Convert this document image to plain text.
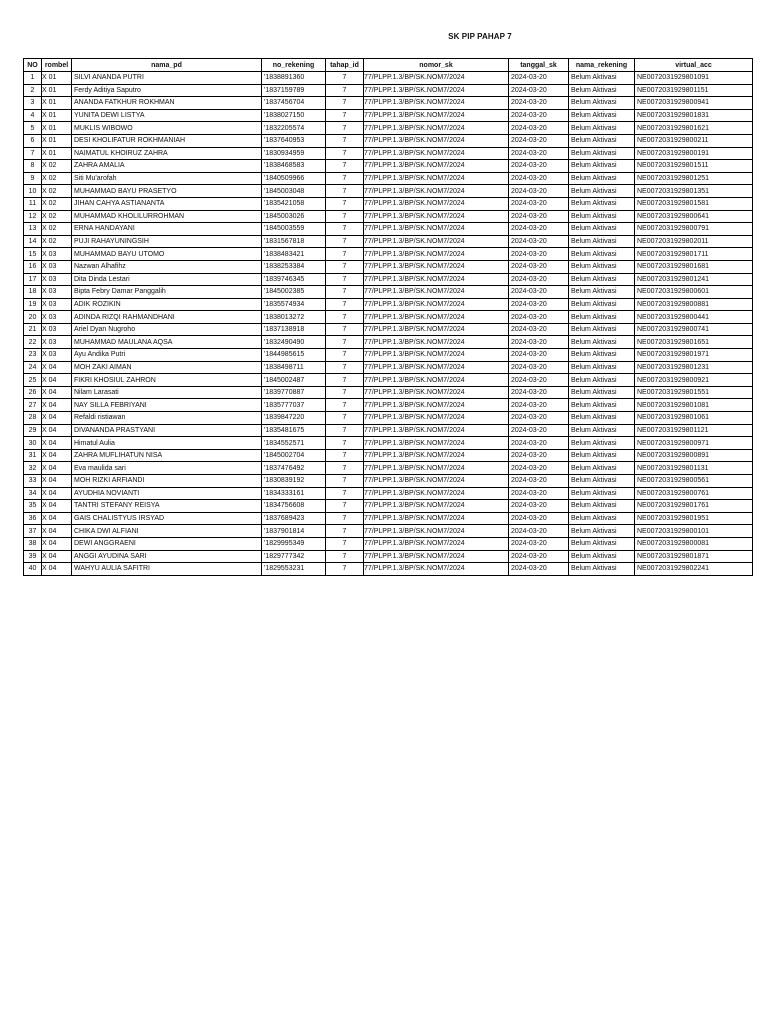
SK PIP PAHAP 7
NO	rombel	nama_pd	no_rekening	tahap_id	nomor_sk	tanggal_sk	nama_rekening	virtual_acc
1	X 01	SILVI ANANDA PUTRI	'1838891360	7	77/PLPP.1.3/BP/SK.NOM7/2024	2024-03-20	Belum Aktivasi	NE0072031929801091
2	X 01	Ferdy Aditiya Saputro	'1837159789	7	77/PLPP.1.3/BP/SK.NOM7/2024	2024-03-20	Belum Aktivasi	NE0072031929801151
3	X 01	ANANDA FATKHUR ROKHMAN	'1837456704	7	77/PLPP.1.3/BP/SK.NOM7/2024	2024-03-20	Belum Aktivasi	NE0072031929800941
4	X 01	YUNITA DEWI LISTYA	'1838027150	7	77/PLPP.1.3/BP/SK.NOM7/2024	2024-03-20	Belum Aktivasi	NE0072031929801831
5	X 01	MUKLIS WIBOWO	'1832205574	7	77/PLPP.1.3/BP/SK.NOM7/2024	2024-03-20	Belum Aktivasi	NE0072031929801621
6	X 01	DESI KHOLIFATUR ROKHMANIAH	'1837640953	7	77/PLPP.1.3/BP/SK.NOM7/2024	2024-03-20	Belum Aktivasi	NE0072031929800211
7	X 01	NAIMATUL KHOIRUZ ZAHRA	'1830934959	7	77/PLPP.1.3/BP/SK.NOM7/2024	2024-03-20	Belum Aktivasi	NE0072031929800191
8	X 02	ZAHRA AMALIA	'1838468583	7	77/PLPP.1.3/BP/SK.NOM7/2024	2024-03-20	Belum Aktivasi	NE0072031929801511
9	X 02	Siti Mu'arofah	'1840509966	7	77/PLPP.1.3/BP/SK.NOM7/2024	2024-03-20	Belum Aktivasi	NE0072031929801251
10	X 02	MUHAMMAD BAYU PRASETYO	'1845003048	7	77/PLPP.1.3/BP/SK.NOM7/2024	2024-03-20	Belum Aktivasi	NE0072031929801351
11	X 02	JIHAN CAHYA ASTIANANTA	'1835421058	7	77/PLPP.1.3/BP/SK.NOM7/2024	2024-03-20	Belum Aktivasi	NE0072031929801581
12	X 02	MUHAMMAD KHOLILURROHMAN	'1845003026	7	77/PLPP.1.3/BP/SK.NOM7/2024	2024-03-20	Belum Aktivasi	NE0072031929800641
13	X 02	ERNA HANDAYANI	'1845003559	7	77/PLPP.1.3/BP/SK.NOM7/2024	2024-03-20	Belum Aktivasi	NE0072031929800791
14	X 02	PUJI RAHAYUNINGSIH	'1831567818	7	77/PLPP.1.3/BP/SK.NOM7/2024	2024-03-20	Belum Aktivasi	NE0072031929802011
15	X 03	MUHAMMAD BAYU UTOMO	'1838483421	7	77/PLPP.1.3/BP/SK.NOM7/2024	2024-03-20	Belum Aktivasi	NE0072031929801711
16	X 03	Nazwan Alhafihz	'1838253384	7	77/PLPP.1.3/BP/SK.NOM7/2024	2024-03-20	Belum Aktivasi	NE0072031929801681
17	X 03	Dita Dinda Lestari	'1839746345	7	77/PLPP.1.3/BP/SK.NOM7/2024	2024-03-20	Belum Aktivasi	NE0072031929801241
18	X 03	Bipta Febry Damar Panggalih	'1845002385	7	77/PLPP.1.3/BP/SK.NOM7/2024	2024-03-20	Belum Aktivasi	NE0072031929800601
19	X 03	ADIK ROZIKIN	'1835574934	7	77/PLPP.1.3/BP/SK.NOM7/2024	2024-03-20	Belum Aktivasi	NE0072031929800881
20	X 03	ADINDA RIZQI RAHMANDHANI	'1838013272	7	77/PLPP.1.3/BP/SK.NOM7/2024	2024-03-20	Belum Aktivasi	NE0072031929800441
21	X 03	Ariel Dyan Nugroho	'1837138918	7	77/PLPP.1.3/BP/SK.NOM7/2024	2024-03-20	Belum Aktivasi	NE0072031929800741
22	X 03	MUHAMMAD MAULANA AQSA	'1832490490	7	77/PLPP.1.3/BP/SK.NOM7/2024	2024-03-20	Belum Aktivasi	NE0072031929801651
23	X 03	Ayu Andika Putri	'1844985615	7	77/PLPP.1.3/BP/SK.NOM7/2024	2024-03-20	Belum Aktivasi	NE0072031929801971
24	X 04	MOH ZAKI AIMAN	'1838498711	7	77/PLPP.1.3/BP/SK.NOM7/2024	2024-03-20	Belum Aktivasi	NE0072031929801231
25	X 04	FIKRI KHOSIUL ZAHRON	'1845002487	7	77/PLPP.1.3/BP/SK.NOM7/2024	2024-03-20	Belum Aktivasi	NE0072031929800921
26	X 04	Nilam Larasati	'1839770887	7	77/PLPP.1.3/BP/SK.NOM7/2024	2024-03-20	Belum Aktivasi	NE0072031929801551
27	X 04	NAY SILLA FEBRIYANI	'1835777037	7	77/PLPP.1.3/BP/SK.NOM7/2024	2024-03-20	Belum Aktivasi	NE0072031929801081
28	X 04	Refaldi ristiawan	'1839847220	7	77/PLPP.1.3/BP/SK.NOM7/2024	2024-03-20	Belum Aktivasi	NE0072031929801061
29	X 04	DIVANANDA PRASTYANI	'1835481675	7	77/PLPP.1.3/BP/SK.NOM7/2024	2024-03-20	Belum Aktivasi	NE0072031929801121
30	X 04	Himatul Aulia	'1834552571	7	77/PLPP.1.3/BP/SK.NOM7/2024	2024-03-20	Belum Aktivasi	NE0072031929800971
31	X 04	ZAHRA MUFLIHATUN NISA	'1845002704	7	77/PLPP.1.3/BP/SK.NOM7/2024	2024-03-20	Belum Aktivasi	NE0072031929800891
32	X 04	Eva maulida sari	'1837476492	7	77/PLPP.1.3/BP/SK.NOM7/2024	2024-03-20	Belum Aktivasi	NE0072031929801131
33	X 04	MOH RIZKI ARFIANDI	'1830839192	7	77/PLPP.1.3/BP/SK.NOM7/2024	2024-03-20	Belum Aktivasi	NE0072031929800561
34	X 04	AYUDHIA NOVIANTI	'1834333161	7	77/PLPP.1.3/BP/SK.NOM7/2024	2024-03-20	Belum Aktivasi	NE0072031929800761
35	X 04	TANTRI STEFANY REISYA	'1834756608	7	77/PLPP.1.3/BP/SK.NOM7/2024	2024-03-20	Belum Aktivasi	NE0072031929801761
36	X 04	GAIS CHALISTYUS IRSYAD	'1837689423	7	77/PLPP.1.3/BP/SK.NOM7/2024	2024-03-20	Belum Aktivasi	NE0072031929801951
37	X 04	CHIKA DWI ALFIANI	'1837901814	7	77/PLPP.1.3/BP/SK.NOM7/2024	2024-03-20	Belum Aktivasi	NE0072031929800101
38	X 04	DEWI ANGGRAENI	'1829995349	7	77/PLPP.1.3/BP/SK.NOM7/2024	2024-03-20	Belum Aktivasi	NE0072031929800081
39	X 04	ANGGI AYUDINA SARI	'1829777342	7	77/PLPP.1.3/BP/SK.NOM7/2024	2024-03-20	Belum Aktivasi	NE0072031929801871
40	X 04	WAHYU AULIA SAFITRI	'1829553231	7	77/PLPP.1.3/BP/SK.NOM7/2024	2024-03-20	Belum Aktivasi	NE0072031929802241
